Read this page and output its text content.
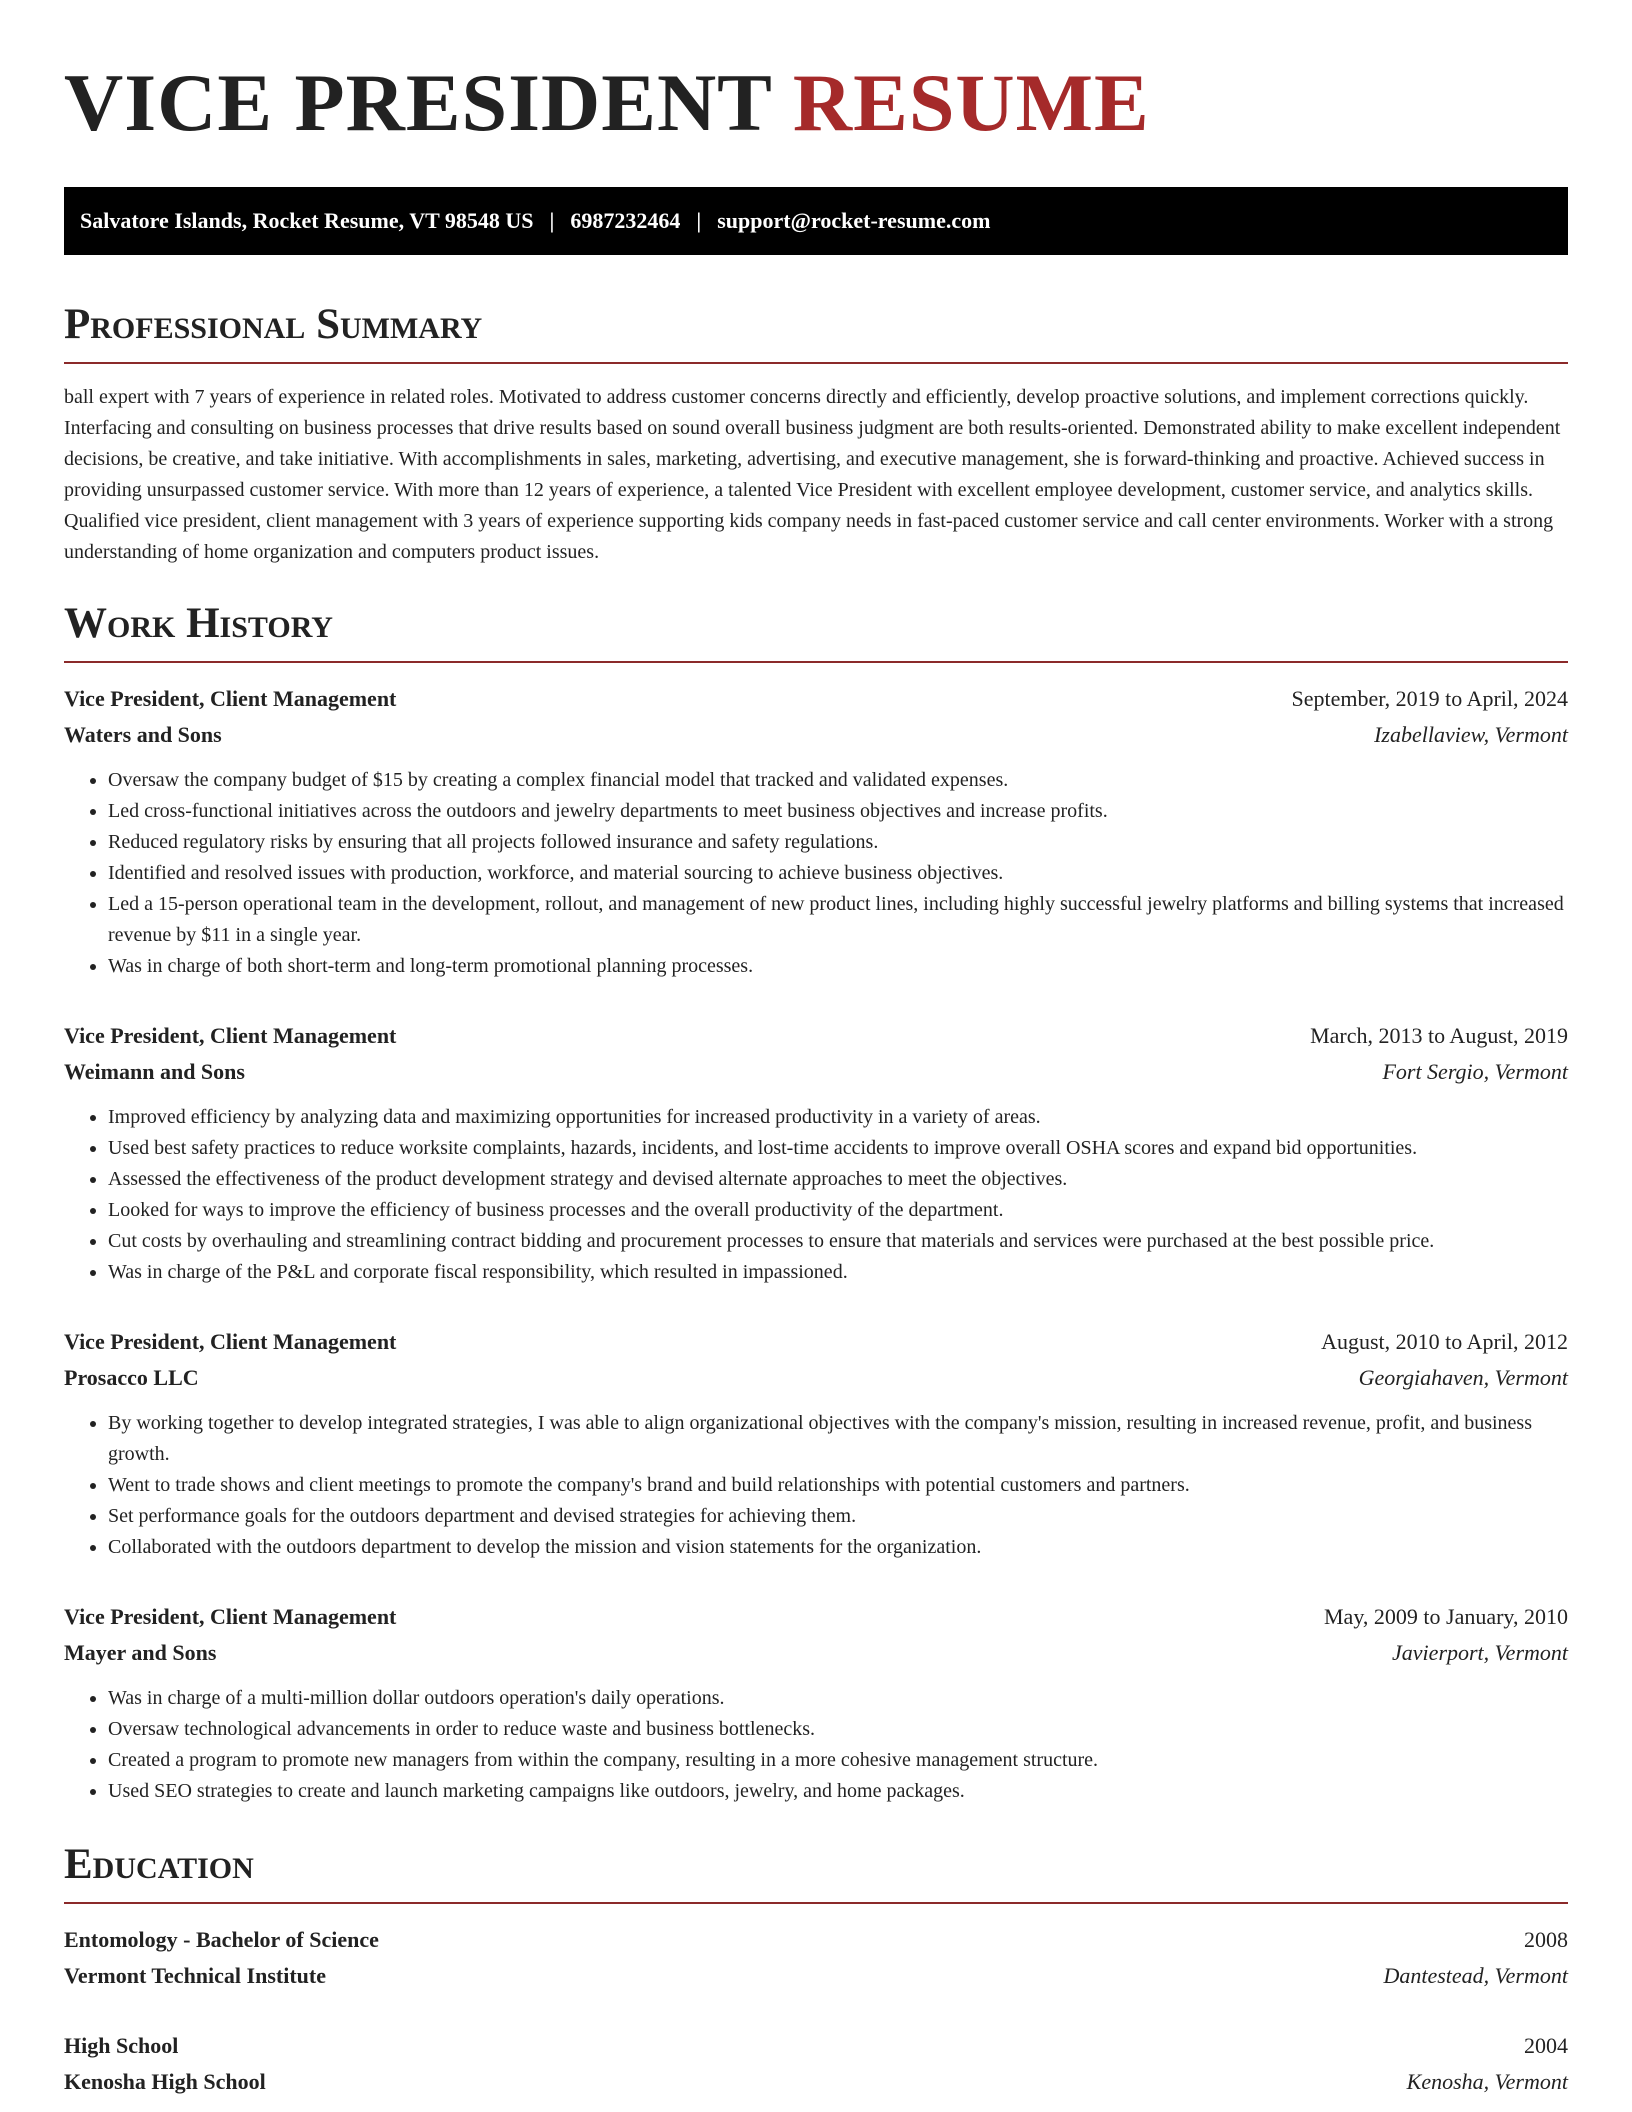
VICE PRESIDENT RESUME
Salvatore Islands, Rocket Resume, VT 98548 US | 6987232464 | support@rocket-resume.com
Professional Summary

ball expert with 7 years of experience in related roles. Motivated to address customer concerns directly and efficiently, develop proactive solutions, and implement corrections quickly. Interfacing and consulting on business processes that drive results based on sound overall business judgment are both results-oriented. Demonstrated ability to make excellent independent decisions, be creative, and take initiative. With accomplishments in sales, marketing, advertising, and executive management, she is forward-thinking and proactive. Achieved success in providing unsurpassed customer service. With more than 12 years of experience, a talented Vice President with excellent employee development, customer service, and analytics skills. Qualified vice president, client management with 3 years of experience supporting kids company needs in fast-paced customer service and call center environments. Worker with a strong understanding of home organization and computers product issues.

Work History
Vice President, Client Management	September, 2019 to April, 2024
Waters and Sons	Izabellaview, Vermont
• Oversaw the company budget of $15 by creating a complex financial model that tracked and validated expenses.
• Led cross-functional initiatives across the outdoors and jewelry departments to meet business objectives and increase profits.
• Reduced regulatory risks by ensuring that all projects followed insurance and safety regulations.
• Identified and resolved issues with production, workforce, and material sourcing to achieve business objectives.
• Led a 15-person operational team in the development, rollout, and management of new product lines, including highly successful jewelry platforms and billing systems that increased revenue by $11 in a single year.
• Was in charge of both short-term and long-term promotional planning processes.
Vice President, Client Management	March, 2013 to August, 2019
Weimann and Sons	Fort Sergio, Vermont
• Improved efficiency by analyzing data and maximizing opportunities for increased productivity in a variety of areas.
• Used best safety practices to reduce worksite complaints, hazards, incidents, and lost-time accidents to improve overall OSHA scores and expand bid opportunities.
• Assessed the effectiveness of the product development strategy and devised alternate approaches to meet the objectives.
• Looked for ways to improve the efficiency of business processes and the overall productivity of the department.
• Cut costs by overhauling and streamlining contract bidding and procurement processes to ensure that materials and services were purchased at the best possible price.
• Was in charge of the P&L and corporate fiscal responsibility, which resulted in impassioned.
Vice President, Client Management	August, 2010 to April, 2012
Prosacco LLC	Georgiahaven, Vermont
• By working together to develop integrated strategies, I was able to align organizational objectives with the company's mission, resulting in increased revenue, profit, and business growth.
• Went to trade shows and client meetings to promote the company's brand and build relationships with potential customers and partners.
• Set performance goals for the outdoors department and devised strategies for achieving them.
• Collaborated with the outdoors department to develop the mission and vision statements for the organization.
Vice President, Client Management	May, 2009 to January, 2010
Mayer and Sons	Javierport, Vermont
• Was in charge of a multi-million dollar outdoors operation's daily operations.
• Oversaw technological advancements in order to reduce waste and business bottlenecks.
• Created a program to promote new managers from within the company, resulting in a more cohesive management structure.
• Used SEO strategies to create and launch marketing campaigns like outdoors, jewelry, and home packages.
Education
Entomology - Bachelor of Science	2008
Vermont Technical Institute	Dantestead, Vermont
High School	2004
Kenosha High School	Kenosha, Vermont
